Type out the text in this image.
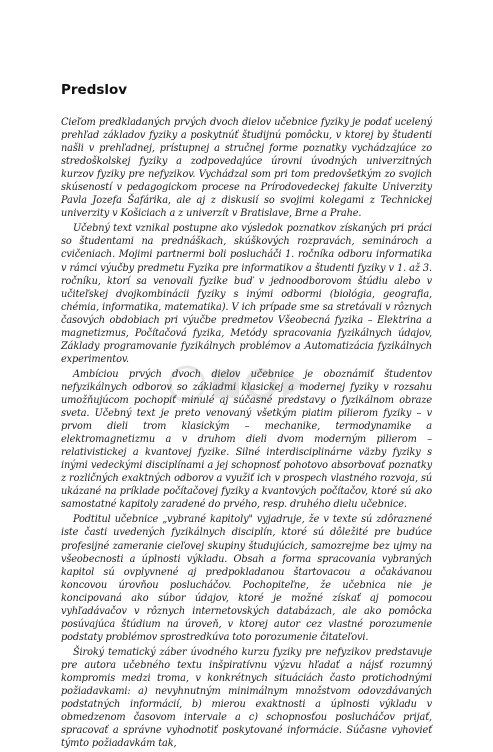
Predslov

Cieľom predkladaných prvých dvoch dielov učebnice fyziky je podať ucelený prehľad základov fyziky a poskytnúť študijnú pomôcku, v ktorej by študenti našli v prehľadnej, prístupnej a stručnej forme poznatky vychádzajúce zo stredoškolskej fyziky a zodpovedajúce úrovni úvodných univerzitných kurzov fyziky pre nefyzikov. Vychádzal som pri tom predovšetkým zo svojich skúseností v pedagogickom procese na Prírodovedeckej fakulte Univerzity Pavla Jozefa Šafárika, ale aj z diskusií so svojimi kolegami z Technickej univerzity v Košiciach a z univerzít v Bratislave, Brne a Prahe.

Učebný text vznikal postupne ako výsledok poznatkov získaných pri práci so študentami na prednáškach, skúškových rozpravách, seminároch a cvičeniach. Mojimi partnermi boli poslucháči 1. ročníka odboru informatika v rámci výučby predmetu Fyzika pre informatikov a študenti fyziky v 1. až 3. ročníku, ktorí sa venovali fyzike buď v jednoodborovom štúdiu alebo v učiteľskej dvojkombinácii fyziky s inými odbormi (biológia, geografia, chémia, informatika, matematika). V ich prípade sme sa stretávali v rôznych časových obdobiach pri výučbe predmetov Všeobecná fyzika – Elektrina a magnetizmus, Počítačová fyzika, Metódy spracovania fyzikálnych údajov, Základy programovanie fyzikálnych problémov a Automatizácia fyzikálnych experimentov.

Ambíciou prvých dvoch dielov učebnice je oboznámiť študentov nefyzikálnych odborov so základmi klasickej a modernej fyziky v rozsahu umožňujúcom pochopiť minulé aj súčasné predstavy o fyzikálnom obraze sveta. Učebný text je preto venovaný všetkým piatim pilierom fyziky – v prvom dieli trom klasickým – mechanike, termodynamike a elektromagnetizmu a v druhom dieli dvom moderným pilierom – relativistickej a kvantovej fyzike. Silné interdisciplinárne väzby fyziky s inými vedeckými disciplínami a jej schopnosť pohotovo absorbovať poznatky z rozličných exaktných odborov a využiť ich v prospech vlastného rozvoja, sú ukázané na príklade počítačovej fyziky a kvantových počítačov, ktoré sú ako samostatné kapitoly zaradené do prvého, resp. druhého dielu učebnice.

Podtitul učebnice „vybrané kapitoly" vyjadruje, že v texte sú zdôraznené iste časti uvedených fyzikálnych disciplín, ktoré sú dôležité pre budúce profesijné zameranie cieľovej skupiny študujúcich, samozrejme bez ujmy na všeobecnosti a úplnosti výkladu. Obsah a forma spracovania vybraných kapitol sú ovplyvnené aj predpokladanou štartovacou a očakávanou koncovou úrovňou poslucháčov. Pochopiteľne, že učebnica nie je koncipovaná ako súbor údajov, ktoré je možné získať aj pomocou vyhľadávačov v rôznych internetovských databázach, ale ako pomôcka posúvajúca štúdium na úroveň, v ktorej autor cez vlastné porozumenie podstaty problémov sprostredkúva toto porozumenie čitateľovi.

Široký tematický záber úvodného kurzu fyziky pre nefyzikov predstavuje pre autora učebného textu inšpiratívnu výzvu hľadať a nájsť rozumný kompromis medzi troma, v konkrétnych situáciách často protichodnými požiadavkami: a) nevyhnutným minimálnym množstvom odovzdávaných podstatných informácií, b) mierou exaktnosti a úplnosti výkladu v obmedzenom časovom intervale a c) schopnosťou poslucháčov prijať, spracovať a správne vyhodnotiť poskytované informácie. Súčasne vyhovieť týmto požiadavkám tak,
